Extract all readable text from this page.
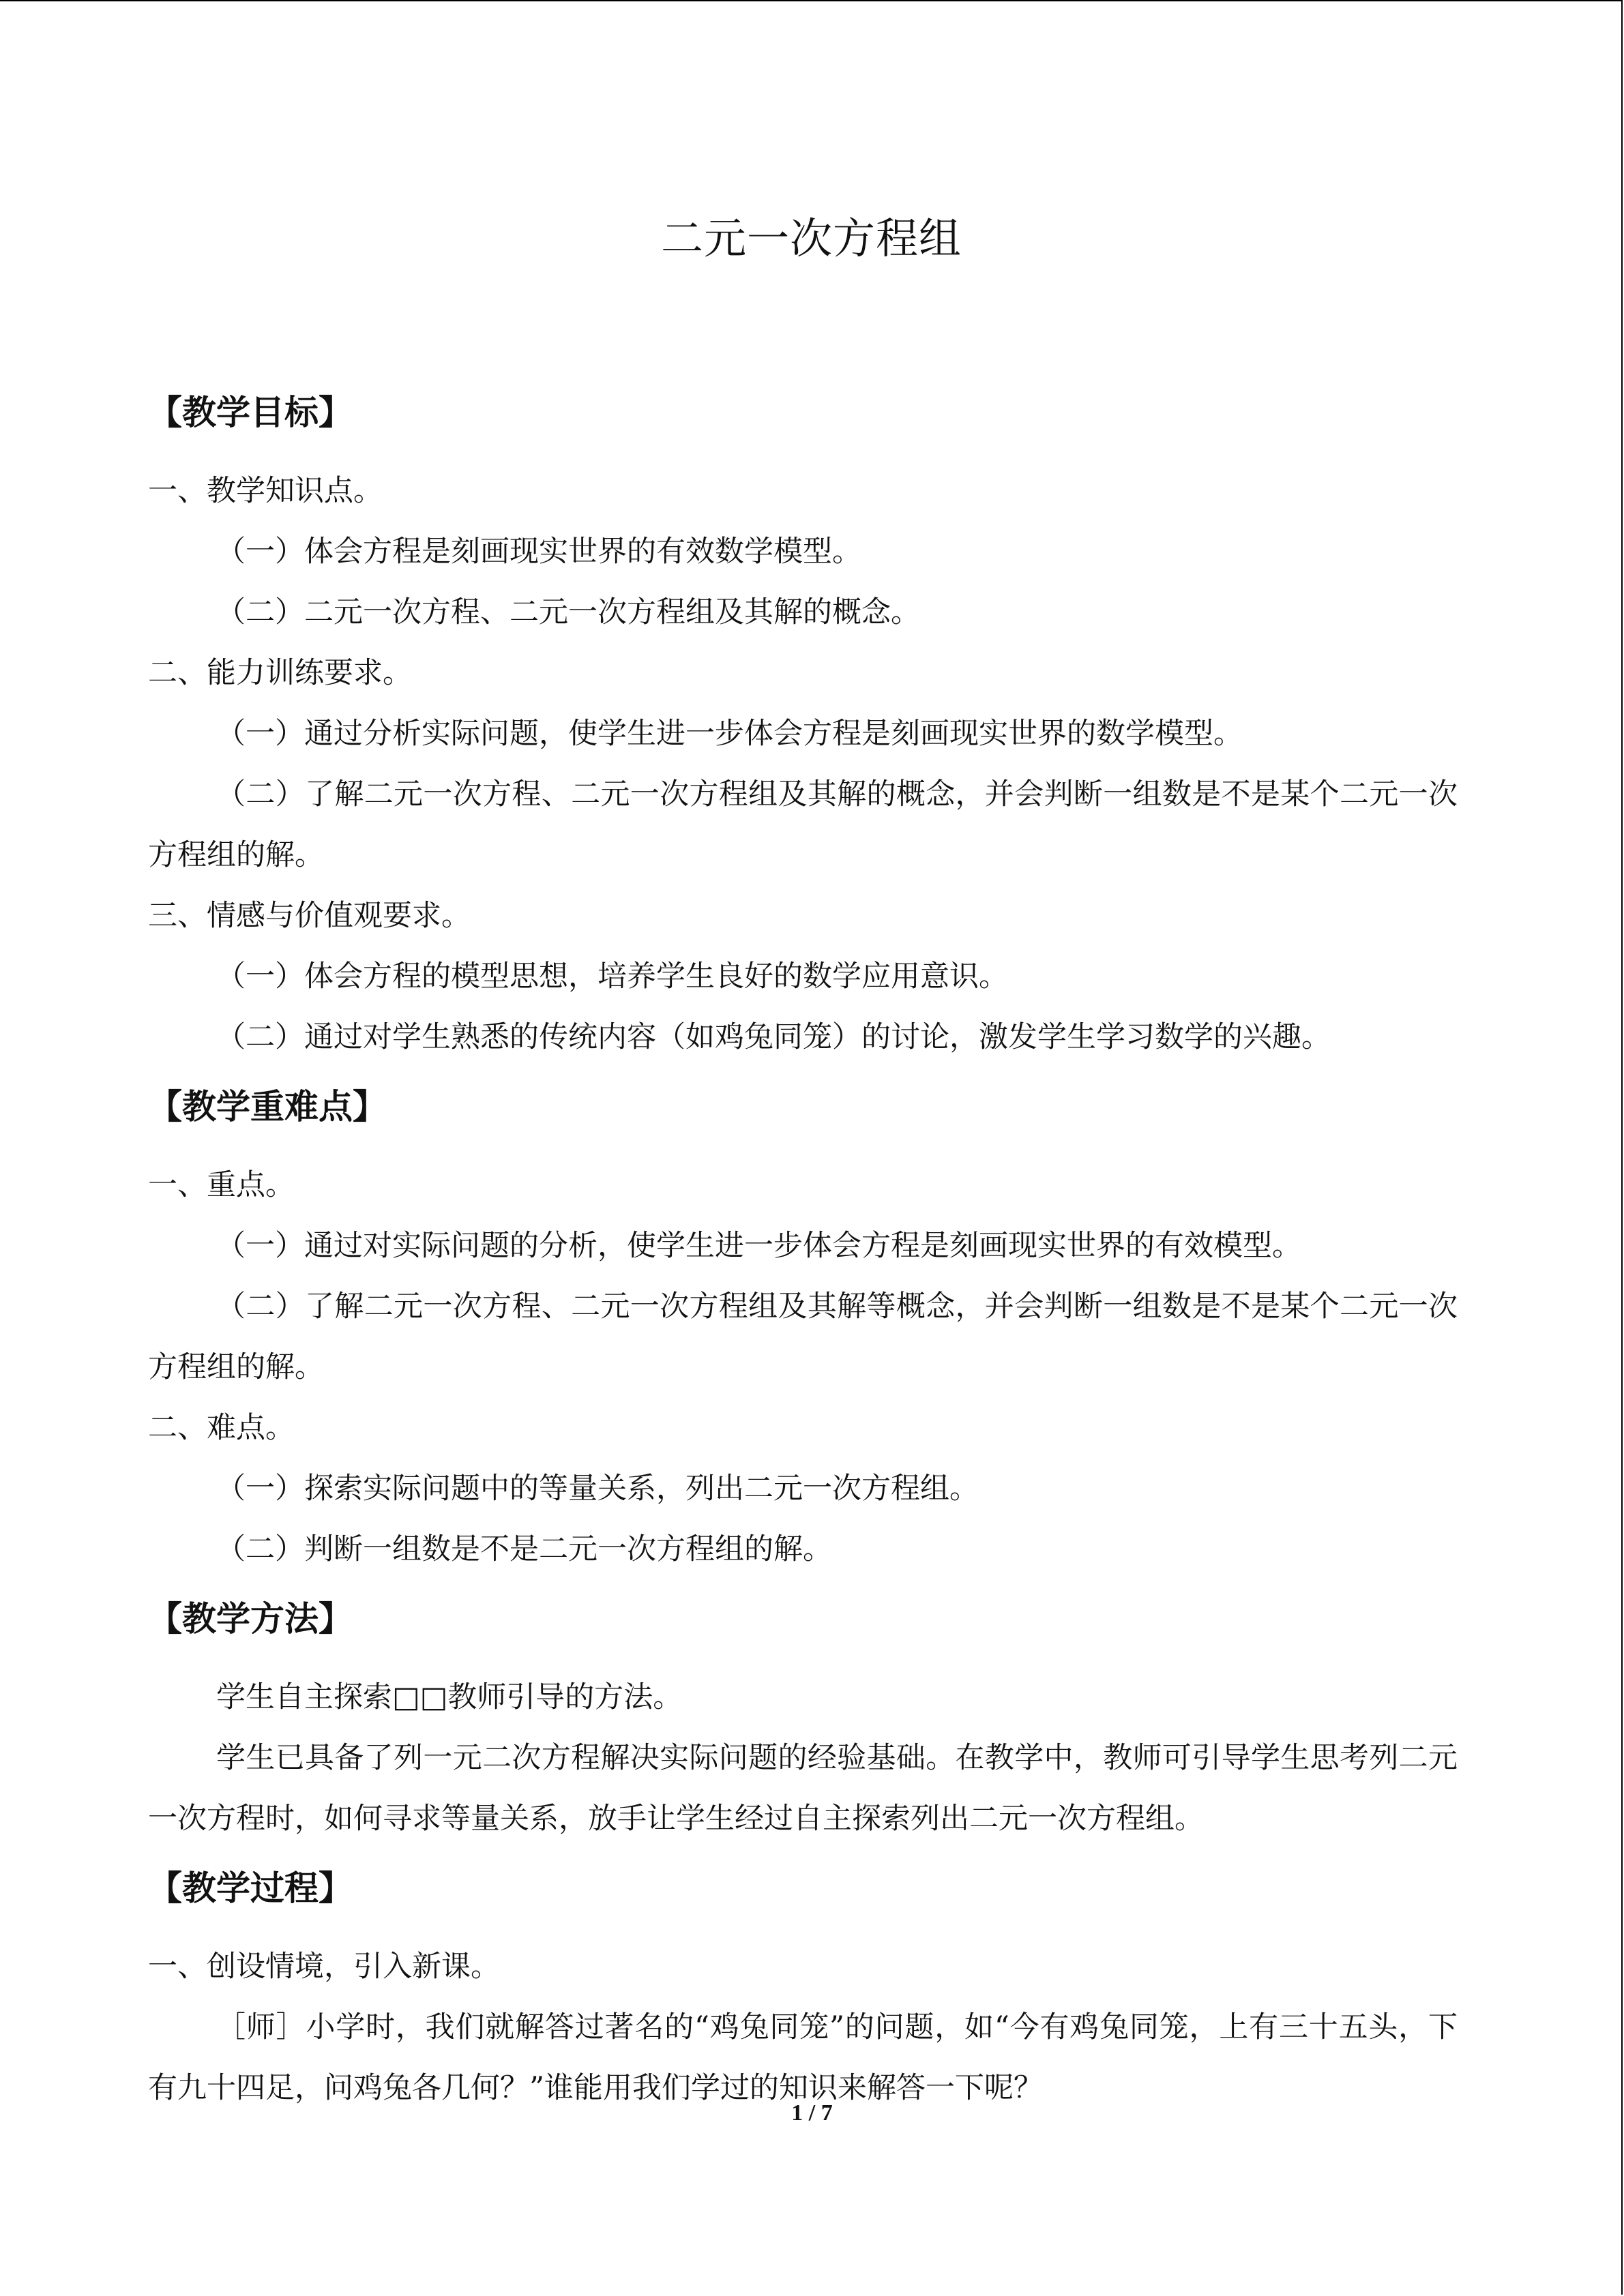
二元一次方程组
【教学目标】

一、教学知识点。

（一）体会方程是刻画现实世界的有效数学模型。

（二）二元一次方程、二元一次方程组及其解的概念。

二、能力训练要求。

（一）通过分析实际问题，使学生进一步体会方程是刻画现实世界的数学模型。

（二）了解二元一次方程、二元一次方程组及其解的概念，并会判断一组数是不是某个二元一次方程组的解。

三、情感与价值观要求。

（一）体会方程的模型思想，培养学生良好的数学应用意识。

（二）通过对学生熟悉的传统内容（如鸡兔同笼）的讨论，激发学生学习数学的兴趣。

【教学重难点】

一、重点。

（一）通过对实际问题的分析，使学生进一步体会方程是刻画现实世界的有效模型。

（二）了解二元一次方程、二元一次方程组及其解等概念，并会判断一组数是不是某个二元一次方程组的解。

二、难点。

（一）探索实际问题中的等量关系，列出二元一次方程组。

（二）判断一组数是不是二元一次方程组的解。

【教学方法】

学生自主探索□□教师引导的方法。

学生已具备了列一元二次方程解决实际问题的经验基础。在教学中，教师可引导学生思考列二元一次方程时，如何寻求等量关系，放手让学生经过自主探索列出二元一次方程组。

【教学过程】

一、创设情境，引入新课。

［师］小学时，我们就解答过著名的“鸡兔同笼”的问题，如“今有鸡兔同笼，上有三十五头，下有九十四足，问鸡兔各几何？”谁能用我们学过的知识来解答一下呢？

1 / 7
